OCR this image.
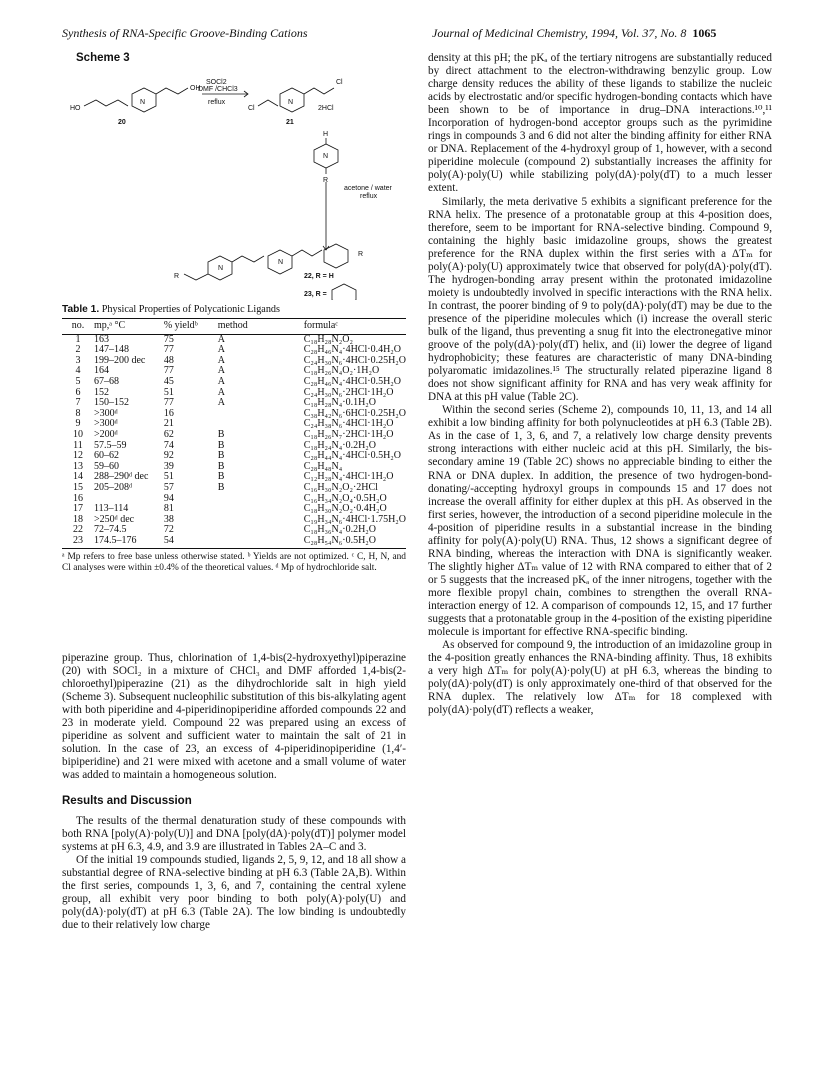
Synthesis of RNA-Specific Groove-Binding Cations	Journal of Medicinal Chemistry, 1994, Vol. 37, No. 8 1065
Scheme 3
HO
N
OH
20
SOCl2
DMF /CHCl3
reflux
Cl
N
Cl
2HCl
21
H
N
R
acetone / water
reflux
R
R
N
N
22, R = H
23, R =
Table 1. Physical Properties of Polycationic Ligands
no.	mp,ᵃ °C	% yieldᵇ	method	formulaᶜ
1	163	75	A	C₁₈H₂₈N₂O₂
2	147–148	77	A	C₂₈H₄₆N₄·4HCl·0.4H₂O
3	199–200 dec	48	A	C₂₄H₃₀N₆·4HCl·0.25H₂O
4	164	77	A	C₁₈H₂₆N₄O₂·1H₂O
5	67–68	45	A	C₂₈H₄₆N₄·4HCl·0.5H₂O
6	152	51	A	C₂₄H₃₀N₆·2HCl·1H₂O
7	150–152	77	A	C₁₈H₂₈N₄·0.1H₂O
8	>300ᵈ	16		C₃₈H₄₂N₆·6HCl·0.25H₂O
9	>300ᵈ	21		C₂₄H₃₈N₆·4HCl·1H₂O
10	>200ᵈ	62	B	C₁₈H₂₆N₇·2HCl·1H₂O
11	57.5–59	74	B	C₁₈H₂₄N₄·0.2H₂O
12	60–62	92	B	C₂₈H₄₄N₄·4HCl·0.5H₂O
13	59–60	39	B	C₂₈H₄₈N₄
14	288–290ᵈ dec	51	B	C₁₂H₂₈N₄·4HCl·1H₂O
15	205–208ᵈ	57	B	C₁₆H₃₀N₂O₂·2HCl
16		94		C₁₆H₃₄N₂O₄·0.5H₂O
17	113–114	81		C₁₈H₃₀N₂O₂·0.4H₂O
18	>250ᵈ dec	38		C₁₉H₃₄N₆·4HCl·1.75H₂O
22	72–74.5	72		C₁₈H₃₆N₄·0.2H₂O
23	174.5–176	54		C₂₈H₅₄N₆·0.5H₂O
ᵃ Mp refers to free base unless otherwise stated. ᵇ Yields are not optimized. ᶜ C, H, N, and Cl analyses were within ±0.4% of the theoretical values. ᵈ Mp of hydrochloride salt.

piperazine group. Thus, chlorination of 1,4-bis(2-hydroxyethyl)piperazine (20) with SOCl₂ in a mixture of CHCl₃ and DMF afforded 1,4-bis(2-chloroethyl)piperazine (21) as the dihydrochloride salt in high yield (Scheme 3). Subsequent nucleophilic substitution of this bis-alkylating agent with both piperidine and 4-piperidinopiperidine afforded compounds 22 and 23 in moderate yield. Compound 22 was prepared using an excess of piperidine as solvent and sufficient water to maintain the salt of 21 in solution. In the case of 23, an excess of 4-piperidinopiperidine (1,4′-bipiperidine) and 21 were mixed with acetone and a small volume of water was added to maintain a homogeneous solution.

Results and Discussion

The results of the thermal denaturation study of these compounds with both RNA [poly(A)·poly(U)] and DNA [poly(dA)·poly(dT)] polymer model systems at pH 6.3, 4.9, and 3.9 are illustrated in Tables 2A–C and 3.

Of the initial 19 compounds studied, ligands 2, 5, 9, 12, and 18 all show a substantial degree of RNA-selective binding at pH 6.3 (Table 2A,B). Within the first series, compounds 1, 3, 6, and 7, containing the central xylene group, all exhibit very poor binding to both poly(A)·poly(U) and poly(dA)·poly(dT) at pH 6.3 (Table 2A). The low binding is undoubtedly due to their relatively low charge

density at this pH; the pKₐ of the tertiary nitrogens are substantially reduced by direct attachment to the electron-withdrawing benzylic group. Low charge density reduces the ability of these ligands to stabilize the nucleic acids by electrostatic and/or specific hydrogen-bonding contacts which have been shown to be of importance in drug–DNA interactions.¹⁰,¹¹ Incorporation of hydrogen-bond acceptor groups such as the pyrimidine rings in compounds 3 and 6 did not alter the binding affinity for either RNA or DNA. Replacement of the 4-hydroxyl group of 1, however, with a second piperidine molecule (compound 2) substantially increases the affinity for poly(A)·poly(U) while stabilizing poly(dA)·poly(dT) to a much lesser extent.

Similarly, the meta derivative 5 exhibits a significant preference for the RNA helix. The presence of a protonatable group at this 4-position does, therefore, seem to be important for RNA-selective binding. Compound 9, containing the highly basic imidazoline groups, shows the greatest preference for the RNA duplex within the first series with a ΔTₘ for poly(A)·poly(U) approximately twice that observed for poly(dA)·poly(dT). The hydrogen-bonding array present within the protonated imidazoline moiety is undoubtedly involved in specific interactions with the RNA helix. In contrast, the poorer binding of 9 to poly(dA)·poly(dT) may be due to the presence of the piperidine molecules which (i) increase the overall steric bulk of the ligand, thus preventing a snug fit into the electronegative minor groove of the poly(dA)·poly(dT) helix, and (ii) lower the degree of ligand hydrophobicity; these features are characteristic of many DNA-binding polyaromatic imidazolines.¹⁵ The structurally related piperazine ligand 8 does not show significant affinity for RNA and has very weak affinity for DNA at this pH value (Table 2C).

Within the second series (Scheme 2), compounds 10, 11, 13, and 14 all exhibit a low binding affinity for both polynucleotides at pH 6.3 (Table 2B). As in the case of 1, 3, 6, and 7, a relatively low charge density prevents strong interactions with either nucleic acid at this pH. Similarly, the bis-secondary amine 19 (Table 2C) shows no appreciable binding to either the RNA or DNA duplex. In addition, the presence of two hydrogen-bond-donating/-accepting hydroxyl groups in compounds 15 and 17 does not increase the overall affinity for either duplex at this pH. As observed in the first series, however, the introduction of a second piperidine molecule in the 4-position of piperidine results in a substantial increase in the binding affinity for poly(A)·poly(U) RNA. Thus, 12 shows a significant degree of RNA binding, whereas the interaction with DNA is significantly weaker. The slightly higher ΔTₘ value of 12 with RNA compared to either that of 2 or 5 suggests that the increased pKₐ of the inner nitrogens, together with the more flexible propyl chain, combines to strengthen the overall RNA-interaction energy of 12. A comparison of compounds 12, 15, and 17 further suggests that a protonatable group in the 4-position of the existing piperidine molecule is important for effective RNA-specific binding.

As observed for compound 9, the introduction of an imidazoline group in the 4-position greatly enhances the RNA-binding affinity. Thus, 18 exhibits a very high ΔTₘ for poly(A)·poly(U) at pH 6.3, whereas the binding to poly(dA)·poly(dT) is only approximately one-third of that observed for the RNA duplex. The relatively low ΔTₘ for 18 complexed with poly(dA)·poly(dT) reflects a weaker,
